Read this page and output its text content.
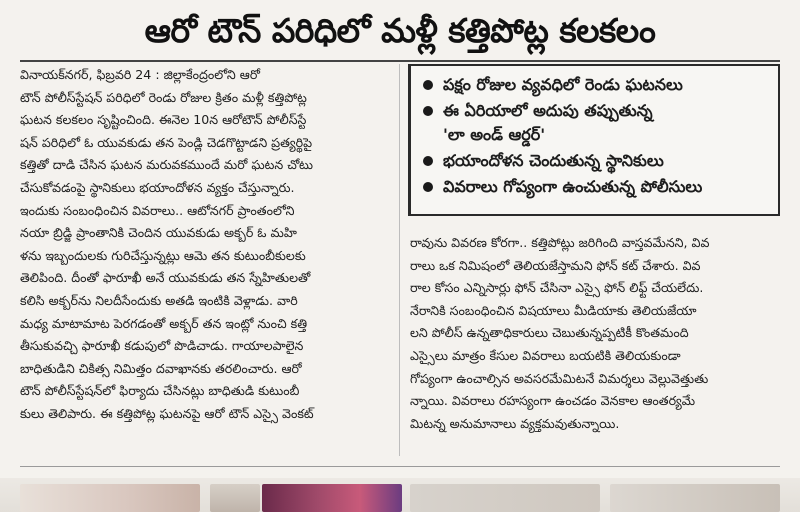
ఆరో టౌన్ పరిధిలో మళ్లీ కత్తిపోట్ల కలకలం
వినాయక్‌నగర్, ఫిబ్రవరి 24 : జిల్లాకేంద్రంలోని ఆరో
టౌన్ పోలీస్‌స్టేషన్ పరిధిలో రెండు రోజుల క్రితం మళ్లీ కత్తిపోట్ల
ఘటన కలకలం సృష్టించింది. ఈనెల 10న ఆరోటౌన్ పోలీస్‌స్టే
షన్ పరిధిలో ఓ యువకుడు తన పెండ్లి చెడగొట్టాడని ప్రత్యర్థిపై
కత్తితో దాడి చేసిన ఘటన మరువకముందే మరో ఘటన చోటు
చేసుకోవడంపై స్థానికులు భయాందోళన వ్యక్తం చేస్తున్నారు.
ఇందుకు సంబంధించిన వివరాలు.. ఆటోనగర్ ప్రాంతంలోని
నయా బ్రిడ్జి ప్రాంతానికి చెందిన యువకుడు అక్బర్ ఓ మహి
ళను ఇబ్బందులకు గురిచేస్తున్నట్లు ఆమె తన కుటుంబీకులకు
తెలిపింది. దీంతో ఫారూఖీ అనే యువకుడు తన స్నేహితులతో
కలిసి అక్బర్‌ను నిలదీసేందుకు అతడి ఇంటికి వెళ్లాడు. వారి
మధ్య మాటామాట పెరగడంతో అక్బర్ తన ఇంట్లో నుంచి కత్తి
తీసుకువచ్చి ఫారూఖీ కడుపులో పొడిచాడు. గాయాలపాలైన
బాధితుడిని చికిత్స నిమిత్తం దవాఖానకు తరలించారు. ఆరో
టౌన్ పోలీస్‌స్టేషన్‌లో ఫిర్యాదు చేసినట్లు బాధితుడి కుటుంబీ
కులు తెలిపారు. ఈ కత్తిపోట్ల ఘటనపై ఆరో టౌన్ ఎస్సై వెంకట్
పక్షం రోజుల వ్యవధిలో రెండు ఘటనలు
ఈ ఏరియాలో అదుపు తప్పుతున్న
'లా అండ్ ఆర్డర్'
భయాందోళన చెందుతున్న స్థానికులు
వివరాలు గోప్యంగా ఉంచుతున్న పోలీసులు
రావును వివరణ కోరగా.. కత్తిపోట్లు జరిగింది వాస్తవమేనని, వివ
రాలు ఒక నిమిషంలో తెలియజేస్తామని ఫోన్ కట్ చేశారు. వివ
రాల కోసం ఎన్నిసార్లు ఫోన్ చేసినా ఎస్సై ఫోన్ లిఫ్ట్ చేయలేదు.
నేరానికి సంబంధించిన విషయాలు మీడియాకు తెలియజేయా
లని పోలీస్ ఉన్నతాధికారులు చెబుతున్నప్పటికీ కొంతమంది
ఎస్సైలు మాత్రం కేసుల వివరాలు బయటికి తెలియకుండా
గోప్యంగా ఉంచాల్సిన అవసరమేమిటనే విమర్శలు వెల్లువెత్తుతు
న్నాయి. వివరాలు రహస్యంగా ఉంచడం వెనకాల ఆంతర్యమే
మిటన్న అనుమానాలు వ్యక్తమవుతున్నాయి.
